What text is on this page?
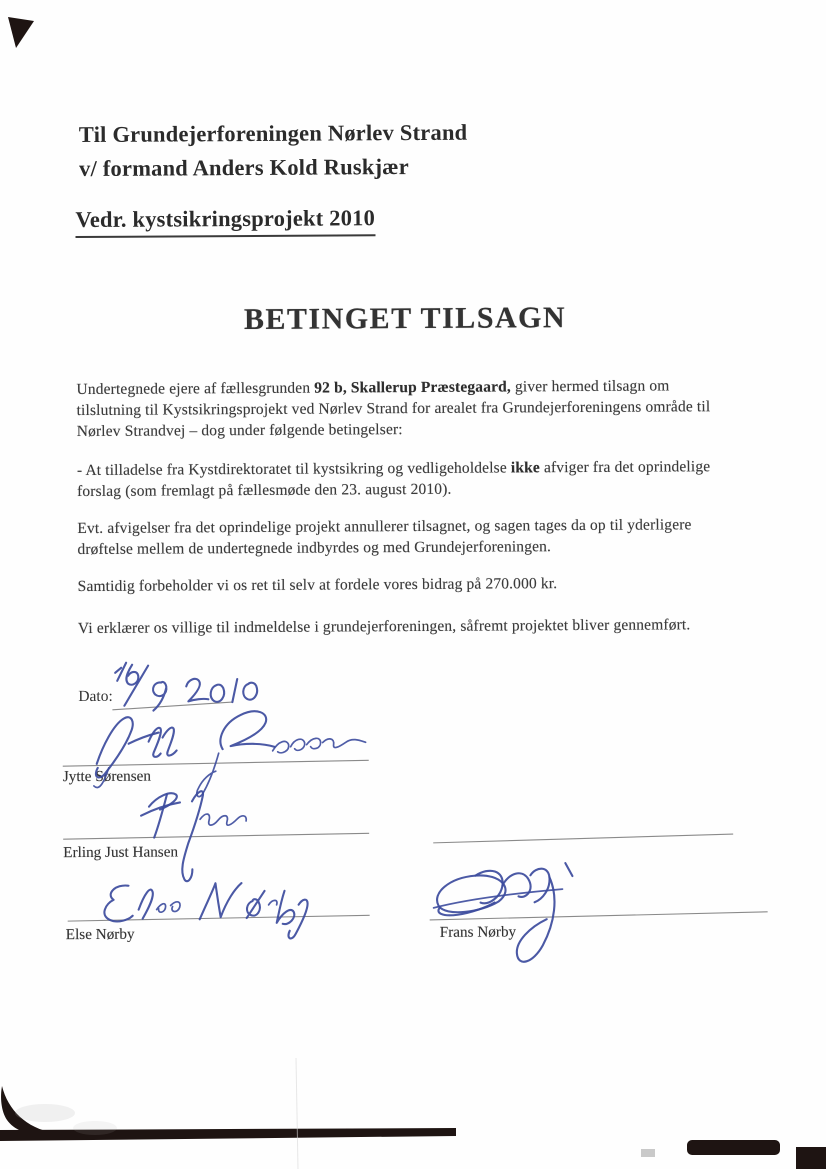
Til Grundejerforeningen Nørlev Strand
v/ formand Anders Kold Ruskjær
Vedr. kystsikringsprojekt 2010
BETINGET TILSAGN
Undertegnede ejere af fællesgrunden 92 b, Skallerup Præstegaard, giver hermed tilsagn om
tilslutning til Kystsikringsprojekt ved Nørlev Strand for arealet fra Grundejerforeningens område til
Nørlev Strandvej – dog under følgende betingelser:
- At tilladelse fra Kystdirektoratet til kystsikring og vedligeholdelse ikke afviger fra det oprindelige
forslag (som fremlagt på fællesmøde den 23. august 2010).
Evt. afvigelser fra det oprindelige projekt annullerer tilsagnet, og sagen tages da op til yderligere
drøftelse mellem de undertegnede indbyrdes og med Grundejerforeningen.
Samtidig forbeholder vi os ret til selv at fordele vores bidrag på 270.000 kr.
Vi erklærer os villige til indmeldelse i grundejerforeningen, såfremt projektet bliver gennemført.
Dato:
Jytte Sørensen
Erling Just Hansen
Else Nørby	Frans Nørby
